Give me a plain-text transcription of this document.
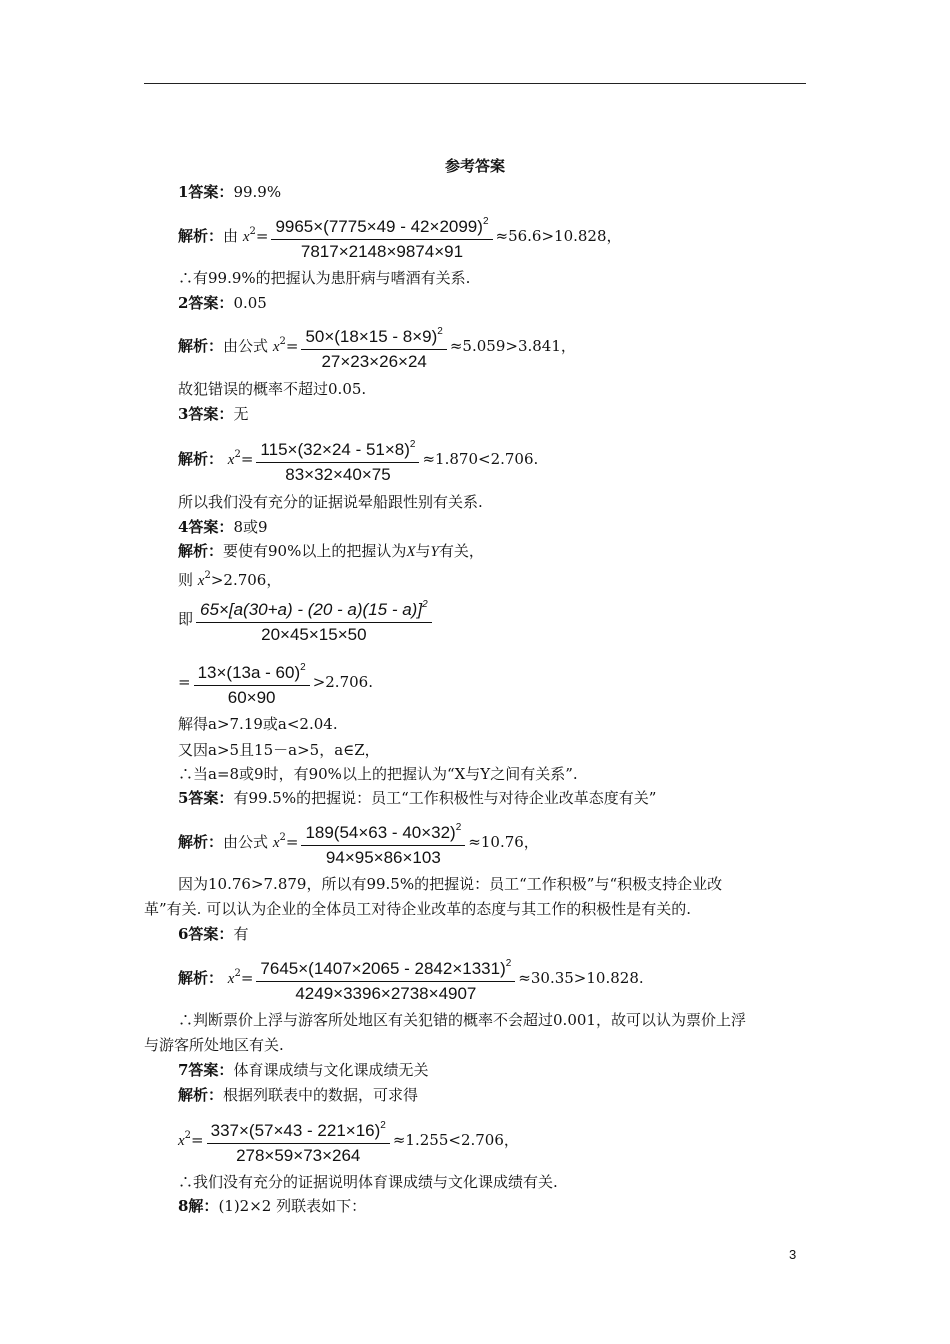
参考答案
1答案：99.9%
解析：由 $x^2= \frac{9965\times(7775\times 49 - 42\times 2099)^2}{7817\times 2148\times 9874\times 91} \approx 56.6>10.828$，
∴有99.9%的把握认为患肝病与嗜酒有关系.
2答案：0.05
解析：由公式 $x^2= \frac{50\times(18\times 15 - 8\times 9)^2}{27\times 23\times 26\times 24} \approx 5.059>3.841$，
故犯错误的概率不超过0.05.
3答案：无
解析： $x^2= \frac{115\times(32\times 24 - 51\times 8)^2}{83\times 32\times 40\times 75} \approx 1.870<2.706$.
所以我们没有充分的证据说晕船跟性别有关系.
4答案：8或9
解析：要使有90%以上的把握认为X与Y有关，
则 $x^2>2.706$，
即 $\frac{65\times[a(30+a) - (20 - a)(15 - a)]^2}{20\times 45\times 15\times 50}$
= $\frac{13\times(13a - 60)^2}{60\times 90} >2.706$.
解得a>7.19或a<2.04.
又因a>5且15－a>5，a∈Z，
∴当a=8或9时，有90%以上的把握认为“X与Y之间有关系”.
5答案：有99.5%的把握说：员工“工作积极性与对待企业改革态度有关”
解析：由公式 $x^2= \frac{189(54\times 63 - 40\times 32)^2}{94\times 95\times 86\times 103} \approx 10.76$，
因为10.76>7.879，所以有99.5%的把握说：员工“工作积极”与“积极支持企业改
革”有关. 可以认为企业的全体员工对待企业改革的态度与其工作的积极性是有关的.
6答案：有
解析： $x^2= \frac{7645\times(1407\times 2065 - 2842\times 1331)^2}{4249\times 3396\times 2738\times 4907} \approx 30.35>10.828$.
∴判断票价上浮与游客所处地区有关犯错的概率不会超过0.001，故可以认为票价上浮
与游客所处地区有关.
7答案：体育课成绩与文化课成绩无关
解析：根据列联表中的数据，可求得
$x^2= \frac{337\times(57\times 43 - 221\times 16)^2}{278\times 59\times 73\times 264} \approx 1.255<2.706$，
∴我们没有充分的证据说明体育课成绩与文化课成绩有关.
8解：(1)2×2 列联表如下：
3
